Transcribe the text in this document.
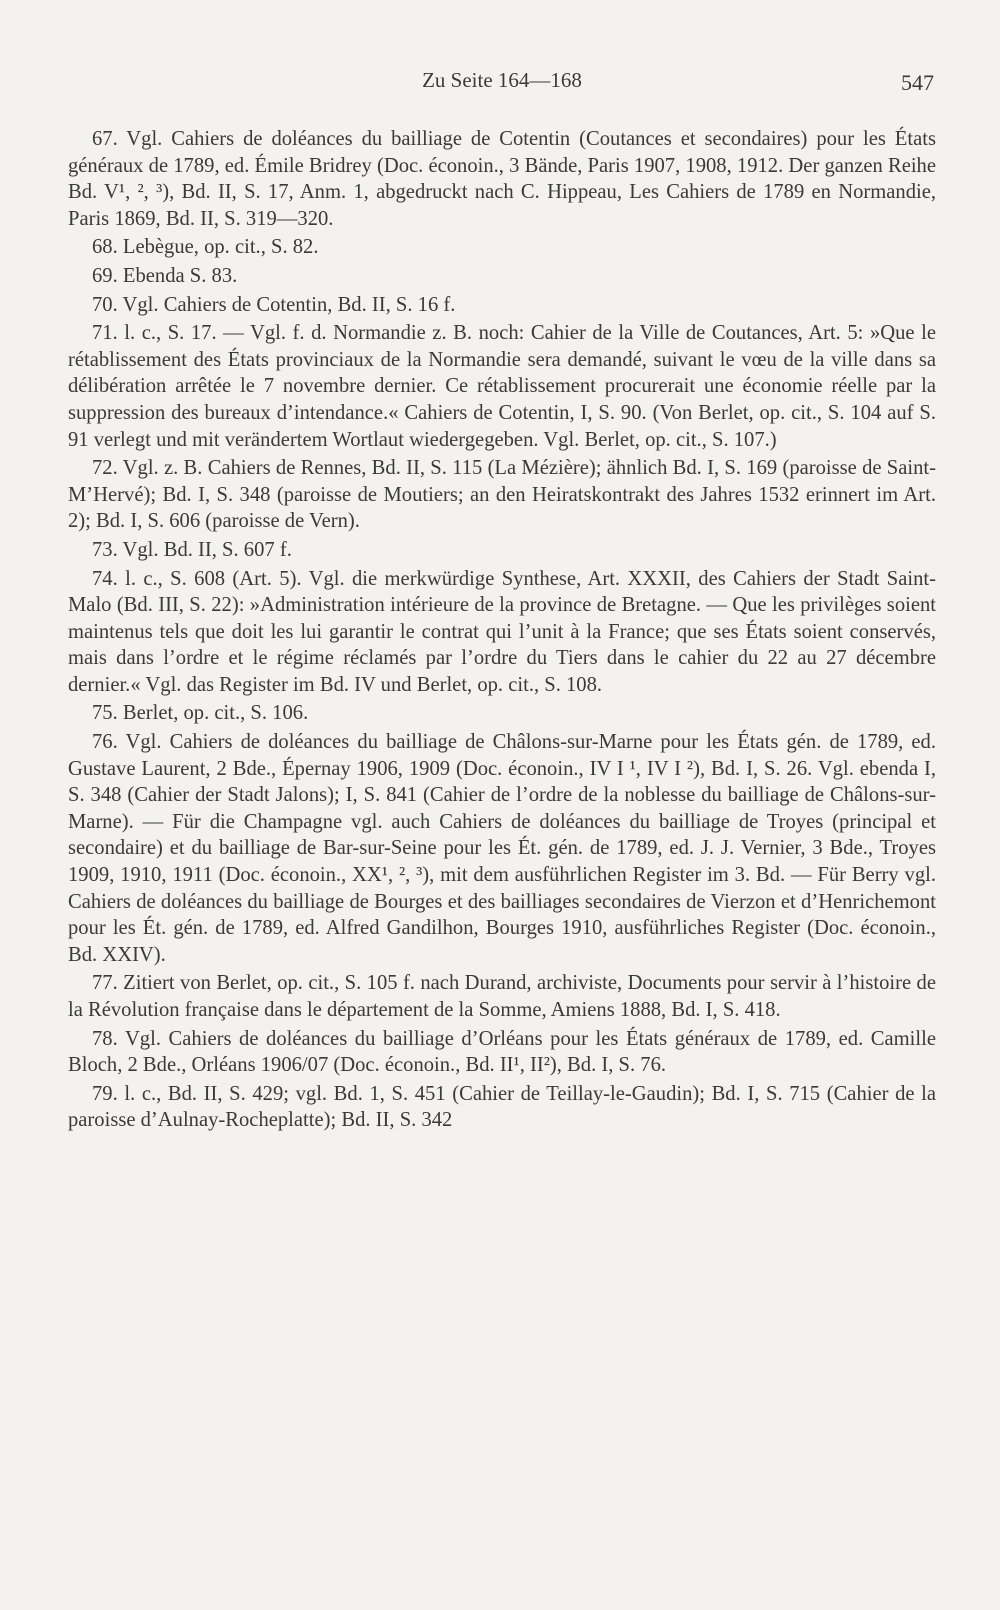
Zu Seite 164—168	547

67. Vgl. Cahiers de doléances du bailliage de Cotentin (Coutances et secondaires) pour les États généraux de 1789, ed. Émile Bridrey (Doc. éconoin., 3 Bände, Paris 1907, 1908, 1912. Der ganzen Reihe Bd. V¹, ², ³), Bd. II, S. 17, Anm. 1, abgedruckt nach C. Hippeau, Les Cahiers de 1789 en Normandie, Paris 1869, Bd. II, S. 319—320.

68. Lebègue, op. cit., S. 82.

69. Ebenda S. 83.

70. Vgl. Cahiers de Cotentin, Bd. II, S. 16 f.

71. l. c., S. 17. — Vgl. f. d. Normandie z. B. noch: Cahier de la Ville de Coutances, Art. 5: »Que le rétablissement des États provinciaux de la Normandie sera demandé, suivant le vœu de la ville dans sa délibération arrêtée le 7 novembre dernier. Ce rétablissement procurerait une économie réelle par la suppression des bureaux d’intendance.« Cahiers de Cotentin, I, S. 90. (Von Berlet, op. cit., S. 104 auf S. 91 verlegt und mit verändertem Wortlaut wiedergegeben. Vgl. Berlet, op. cit., S. 107.)

72. Vgl. z. B. Cahiers de Rennes, Bd. II, S. 115 (La Mézière); ähnlich Bd. I, S. 169 (paroisse de Saint-M’Hervé); Bd. I, S. 348 (paroisse de Moutiers; an den Heiratskontrakt des Jahres 1532 erinnert im Art. 2); Bd. I, S. 606 (paroisse de Vern).

73. Vgl. Bd. II, S. 607 f.

74. l. c., S. 608 (Art. 5). Vgl. die merkwürdige Synthese, Art. XXXII, des Cahiers der Stadt Saint-Malo (Bd. III, S. 22): »Administration intérieure de la province de Bretagne. — Que les privilèges soient maintenus tels que doit les lui garantir le contrat qui l’unit à la France; que ses États soient conservés, mais dans l’ordre et le régime réclamés par l’ordre du Tiers dans le cahier du 22 au 27 décembre dernier.« Vgl. das Register im Bd. IV und Berlet, op. cit., S. 108.

75. Berlet, op. cit., S. 106.

76. Vgl. Cahiers de doléances du bailliage de Châlons-sur-Marne pour les États gén. de 1789, ed. Gustave Laurent, 2 Bde., Épernay 1906, 1909 (Doc. éconoin., IV I ¹, IV I ²), Bd. I, S. 26. Vgl. ebenda I, S. 348 (Cahier der Stadt Jalons); I, S. 841 (Cahier de l’ordre de la noblesse du bailliage de Châlons-sur-Marne). — Für die Champagne vgl. auch Cahiers de doléances du bailliage de Troyes (principal et secondaire) et du bailliage de Bar-sur-Seine pour les Ét. gén. de 1789, ed. J. J. Vernier, 3 Bde., Troyes 1909, 1910, 1911 (Doc. éconoin., XX¹, ², ³), mit dem ausführlichen Register im 3. Bd. — Für Berry vgl. Cahiers de doléances du bailliage de Bourges et des bailliages secondaires de Vierzon et d’Henrichemont pour les Ét. gén. de 1789, ed. Alfred Gandilhon, Bourges 1910, ausführliches Register (Doc. éconoin., Bd. XXIV).

77. Zitiert von Berlet, op. cit., S. 105 f. nach Durand, archiviste, Documents pour servir à l’histoire de la Révolution française dans le département de la Somme, Amiens 1888, Bd. I, S. 418.

78. Vgl. Cahiers de doléances du bailliage d’Orléans pour les États généraux de 1789, ed. Camille Bloch, 2 Bde., Orléans 1906/07 (Doc. éconoin., Bd. II¹, II²), Bd. I, S. 76.

79. l. c., Bd. II, S. 429; vgl. Bd. 1, S. 451 (Cahier de Teillay-le-Gaudin); Bd. I, S. 715 (Cahier de la paroisse d’Aulnay-Rocheplatte); Bd. II, S. 342
